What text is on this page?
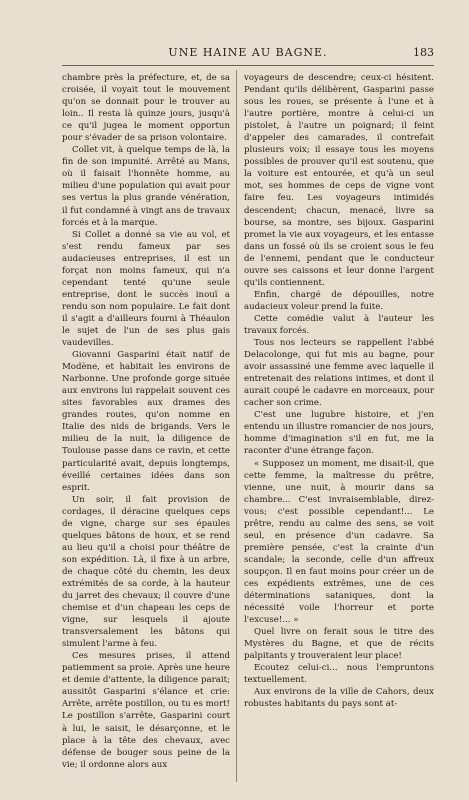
UNE HAINE AU BAGNE.	183

chambre près la préfecture, et, de sa croisée, il voyait tout le mouvement qu'on se donnait pour le trouver au loin.. Il resta là quinze jours, jusqu'à ce qu'il jugea le moment opportun pour s'évader de sa prison volontaire.

Collet vit, à quelque temps de là, la fin de son impunité. Arrêté au Mans, où il faisait l'honnête homme, au milieu d'une population qui avait pour ses vertus la plus grande vénération, il fut condamné à vingt ans de travaux forcés et à la marque.

Si Collet a donné sa vie au vol, et s'est rendu fameux par ses audacieuses entreprises, il est un forçat non moins fameux, qui n'a cependant tenté qu'une seule entreprise, dont le succès inouï a rendu son nom populaire. Le fait dont il s'agit a d'ailleurs fourni à Théaulon le sujet de l'un de ses plus gais vaudevilles.

Giovanni Gasparini était natif de Modène, et habitait les environs de Narbonne. Une profonde gorge située aux environs lui rappelait souvent ces sites favorables aux drames des grandes routes, qu'on nomme en Italie des nids de brigands. Vers le milieu de la nuit, la diligence de Toulouse passe dans ce ravin, et cette particularité avait, depuis longtemps, éveillé certaines idées dans son esprit.

Un soir, il fait provision de cordages, il déracine quelques ceps de vigne, charge sur ses épaules quelques bâtons de houx, et se rend au lieu qu'il a choisi pour théâtre de son expédition. Là, il fixe à un arbre, de chaque côté du chemin, les deux extrémités de sa corde, à la hauteur du jarret des chevaux; il couvre d'une chemise et d'un chapeau les ceps de vigne, sur lesquels il ajoute transversalement les bâtons qui simulent l'arme à feu.

Ces mesures prises, il attend patiemment sa proie. Après une heure et demie d'attente, la diligence parait; aussitôt Gasparini s'élance et crie: Arrête, arrête postillon, ou tu es mort! Le postillon s'arrête, Gasparini court à lui, le saisit, le désarçonne, et le place à la tête des chevaux, avec défense de bouger sous peine de la vie; il ordonne alors aux

voyageurs de descendre; ceux-ci hésitent. Pendant qu'ils délibèrent, Gasparini passe sous les roues, se présente à l'une et à l'autre portière, montre à celui-ci un pistolet, à l'autre un poignard; il feint d'appeler des camarades, il contrefait plusieurs voix; il essaye tous les moyens possibles de prouver qu'il est soutenu, que la voiture est entourée, et qu'à un seul mot, ses hommes de ceps de vigne vont faire feu. Les voyageurs intimidés descendent; chacun, menacé, livre sa bourse, sa montre, ses bijoux. Gasparini promet la vie aux voyageurs, et les entasse dans un fossé où ils se croient sous le feu de l'ennemi, pendant que le conducteur ouvre ses caissons et leur donne l'argent qu'ils contiennent.

Enfin, chargé de dépouilles, notre audacieux voleur prend la fuite.

Cette comédie valut à l'auteur les travaux forcés.

Tous nos lecteurs se rappellent l'abbé Delacolonge, qui fut mis au bagne, pour avoir assassiné une femme avec laquelle il entretenait des relations intimes, et dont il aurait coupé le cadavre en morceaux, pour cacher son crime.

C'est une lugubre histoire, et j'en entendu un illustre romancier de nos jours, homme d'imagination s'il en fut, me la raconter d'une étrange façon.

« Supposez un moment, me disait-il, que cette femme, la maîtresse du prêtre, vienne, une nuit, à mourir dans sa chambre... C'est invraisemblable, direz-vous; c'est possible cependant!... Le prêtre, rendu au calme des sens, se voit seul, en présence d'un cadavre. Sa première pensée, c'est la crainte d'un scandale; la seconde, celle d'un affreux soupçon. Il en faut moins pour créer un de ces expédients extrêmes, une de ces déterminations sataniques, dont la nécessité voile l'horreur et porte l'excuse!... »

Quel livre on ferait sous le titre des Mystères du Bagne, et que de récits palpitants y trouveraient leur place!

Ecoutez celui-ci... nous l'empruntons textuellement.

Aux environs de la ville de Cahors, deux robustes habitants du pays sont at-
